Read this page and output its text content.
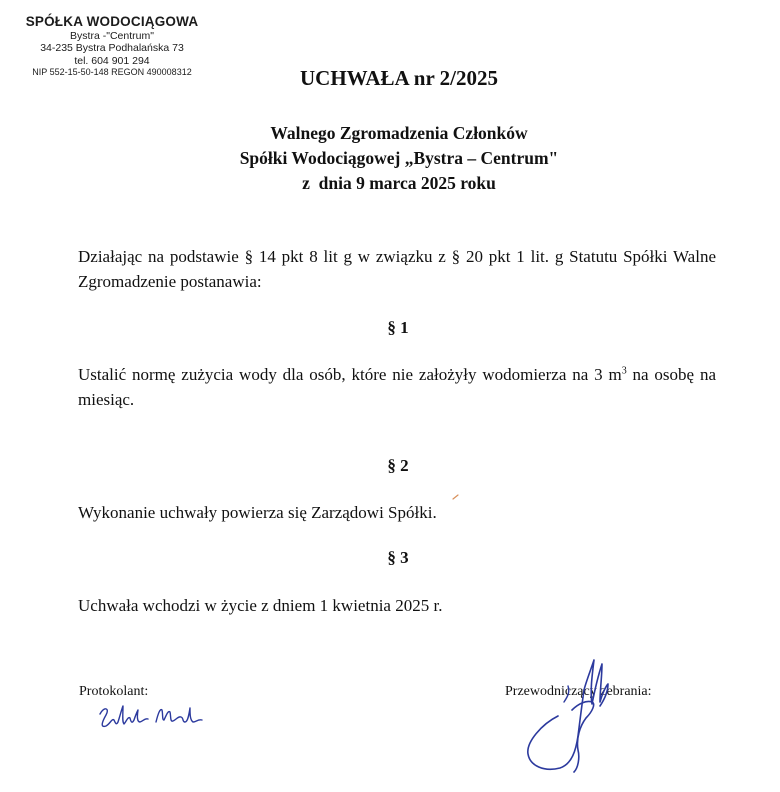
SPÓŁKA WODOCIĄGOWA
Bystra -"Centrum"
34-235 Bystra Podhalańska 73
tel. 604 901 294
NIP 552-15-50-148 REGON 490008312	UCHWAŁA nr 2/2025
Walnego Zgromadzenia Członków
Spółki Wodociągowej „Bystra – Centrum"
z  dnia 9 marca 2025 roku
Działając na podstawie § 14 pkt 8 lit g w związku z § 20 pkt 1 lit. g Statutu Spółki Walne Zgromadzenie postanawia:
§ 1
Ustalić normę zużycia wody dla osób, które nie założyły wodomierza na 3 $m^3$ na osobę na miesiąc.
§ 2
Wykonanie uchwały powierza się Zarządowi Spółki.
§ 3
Uchwała wchodzi w życie z dniem 1 kwietnia 2025 r.
Protokolant:	Przewodniczący zebrania:
